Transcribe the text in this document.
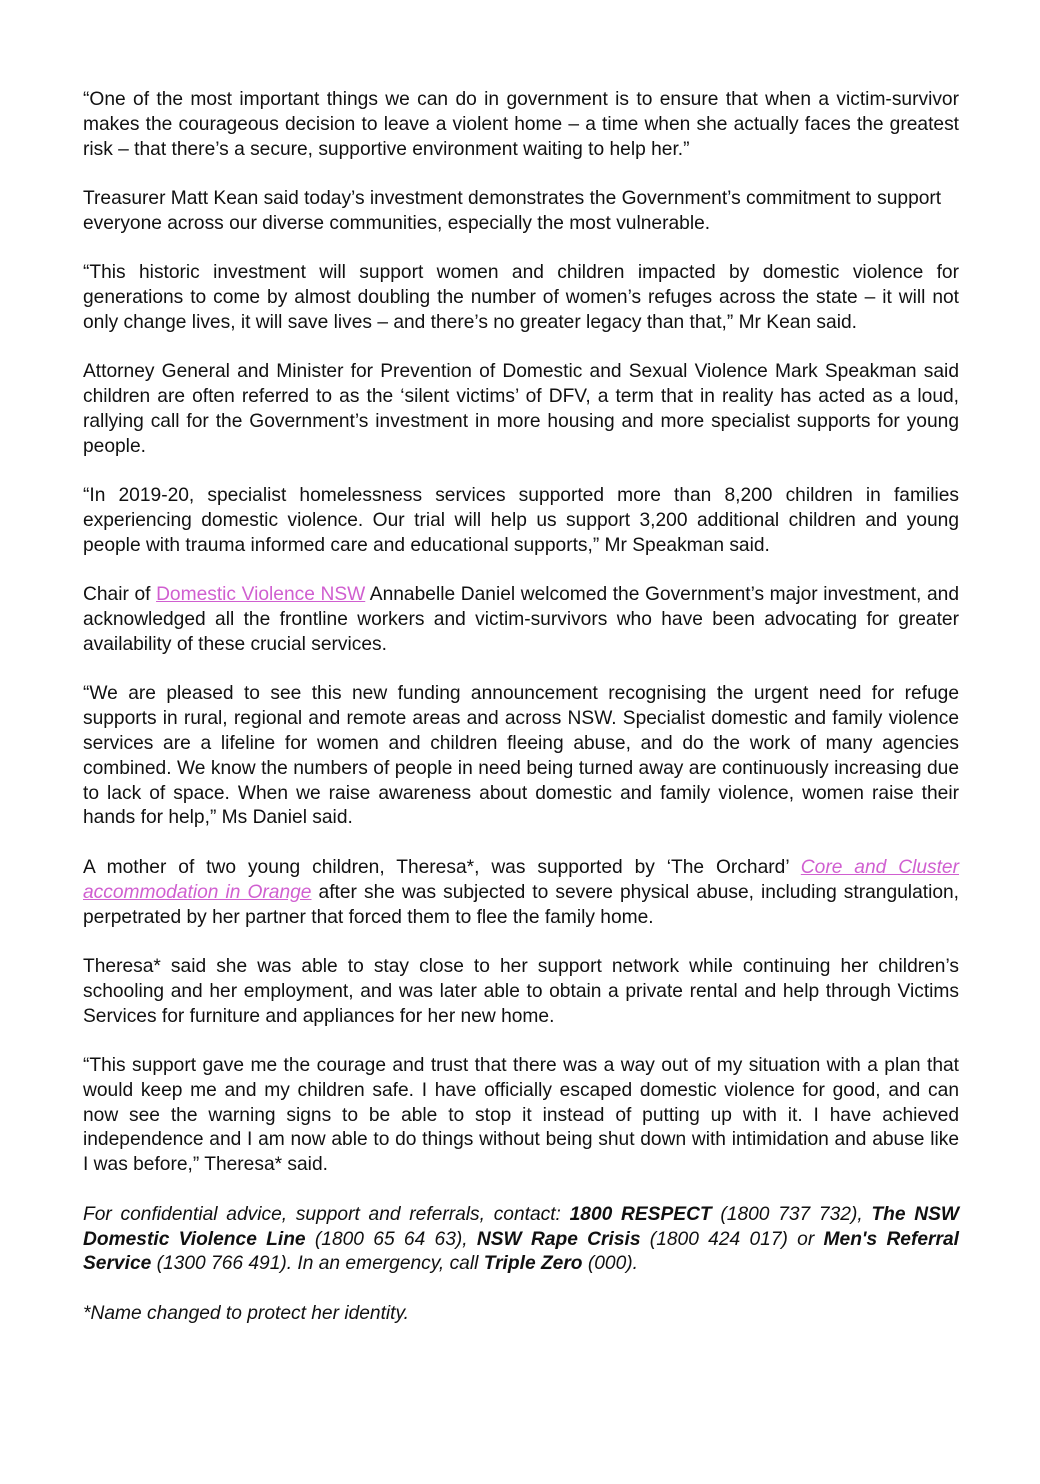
“One of the most important things we can do in government is to ensure that when a victim-survivor makes the courageous decision to leave a violent home – a time when she actually faces the greatest risk – that there’s a secure, supportive environment waiting to help her.”

Treasurer Matt Kean said today’s investment demonstrates the Government’s commitment to support everyone across our diverse communities, especially the most vulnerable.

“This historic investment will support women and children impacted by domestic violence for generations to come by almost doubling the number of women’s refuges across the state – it will not only change lives, it will save lives – and there’s no greater legacy than that,” Mr Kean said.

Attorney General and Minister for Prevention of Domestic and Sexual Violence Mark Speakman said children are often referred to as the ‘silent victims’ of DFV, a term that in reality has acted as a loud, rallying call for the Government’s investment in more housing and more specialist supports for young people.

“In 2019-20, specialist homelessness services supported more than 8,200 children in families experiencing domestic violence. Our trial will help us support 3,200 additional children and young people with trauma informed care and educational supports,” Mr Speakman said.

Chair of Domestic Violence NSW Annabelle Daniel welcomed the Government’s major investment, and acknowledged all the frontline workers and victim-survivors who have been advocating for greater availability of these crucial services.

“We are pleased to see this new funding announcement recognising the urgent need for refuge supports in rural, regional and remote areas and across NSW. Specialist domestic and family violence services are a lifeline for women and children fleeing abuse, and do the work of many agencies combined. We know the numbers of people in need being turned away are continuously increasing due to lack of space. When we raise awareness about domestic and family violence, women raise their hands for help,” Ms Daniel said.

A mother of two young children, Theresa*, was supported by ‘The Orchard’ Core and Cluster accommodation in Orange after she was subjected to severe physical abuse, including strangulation, perpetrated by her partner that forced them to flee the family home.

Theresa* said she was able to stay close to her support network while continuing her children’s schooling and her employment, and was later able to obtain a private rental and help through Victims Services for furniture and appliances for her new home.

“This support gave me the courage and trust that there was a way out of my situation with a plan that would keep me and my children safe. I have officially escaped domestic violence for good, and can now see the warning signs to be able to stop it instead of putting up with it. I have achieved independence and I am now able to do things without being shut down with intimidation and abuse like I was before,” Theresa* said.

For confidential advice, support and referrals, contact: 1800 RESPECT (1800 737 732), The NSW Domestic Violence Line (1800 65 64 63), NSW Rape Crisis (1800 424 017) or Men's Referral Service (1300 766 491). In an emergency, call Triple Zero (000).

*Name changed to protect her identity.
